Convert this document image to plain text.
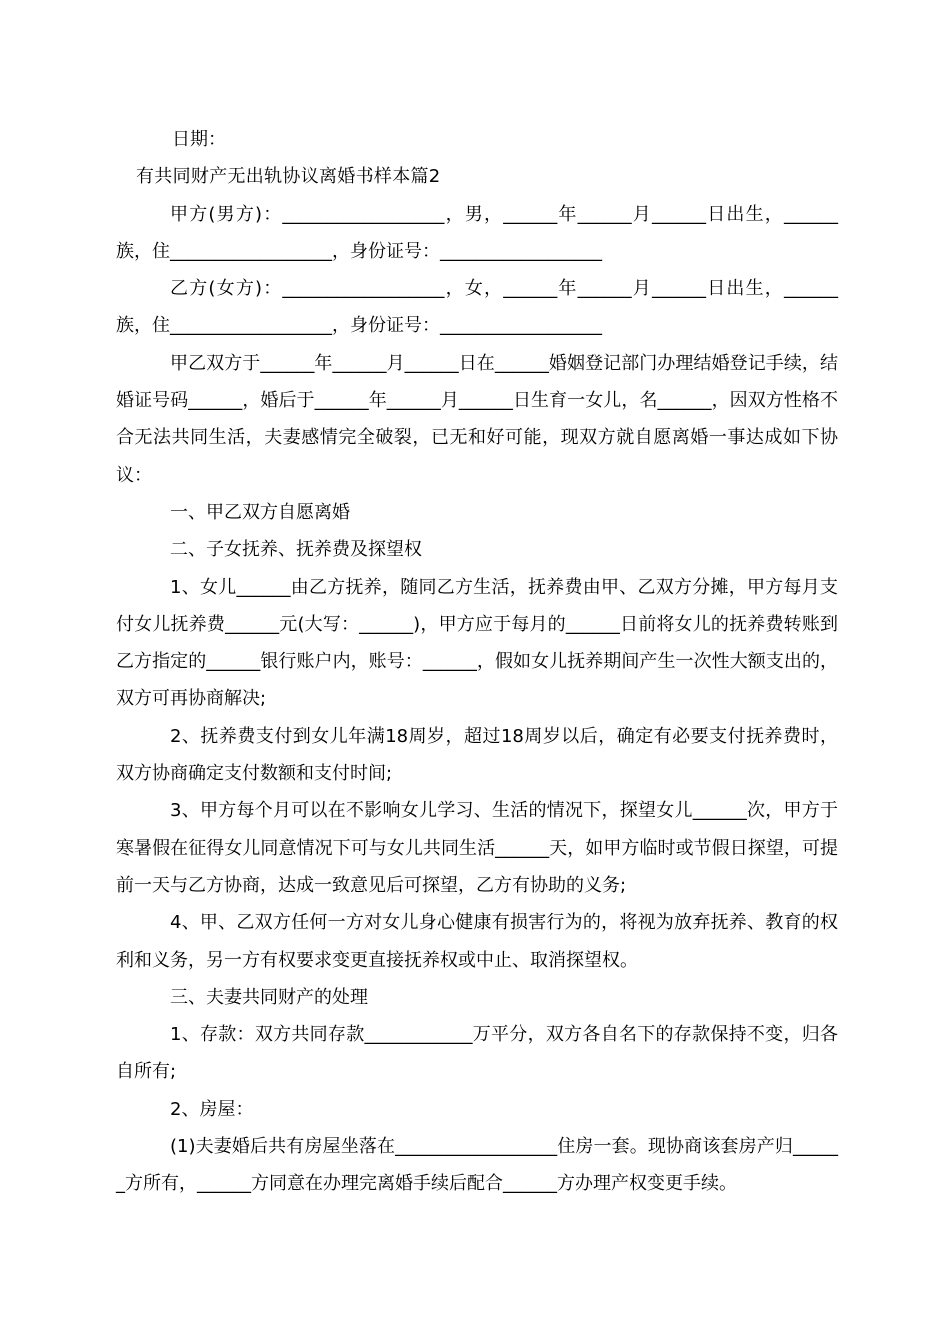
日期：

有共同财产无出轨协议离婚书样本篇2

甲方(男方)：__________________，男，______年______月______日出生，______族，住__________________，身份证号：__________________

乙方(女方)：__________________，女，______年______月______日出生，______族，住__________________，身份证号：__________________

甲乙双方于______年______月______日在______婚姻登记部门办理结婚登记手续，结婚证号码______，婚后于______年______月______日生育一女儿，名______，因双方性格不合无法共同生活，夫妻感情完全破裂，已无和好可能，现双方就自愿离婚一事达成如下协议：

一、甲乙双方自愿离婚

二、子女抚养、抚养费及探望权

1、女儿______由乙方抚养，随同乙方生活，抚养费由甲、乙双方分摊，甲方每月支付女儿抚养费______元(大写：______)，甲方应于每月的______日前将女儿的抚养费转账到乙方指定的______银行账户内，账号：______，假如女儿抚养期间产生一次性大额支出的，双方可再协商解决;

2、抚养费支付到女儿年满18周岁，超过18周岁以后，确定有必要支付抚养费时，双方协商确定支付数额和支付时间;

3、甲方每个月可以在不影响女儿学习、生活的情况下，探望女儿______次，甲方于寒暑假在征得女儿同意情况下可与女儿共同生活______天，如甲方临时或节假日探望，可提前一天与乙方协商，达成一致意见后可探望，乙方有协助的义务;

4、甲、乙双方任何一方对女儿身心健康有损害行为的，将视为放弃抚养、教育的权利和义务，另一方有权要求变更直接抚养权或中止、取消探望权。

三、夫妻共同财产的处理

1、存款：双方共同存款____________万平分，双方各自名下的存款保持不变，归各自所有;

2、房屋：

(1)夫妻婚后共有房屋坐落在__________________住房一套。现协商该套房产归______方所有，______方同意在办理完离婚手续后配合______方办理产权变更手续。
